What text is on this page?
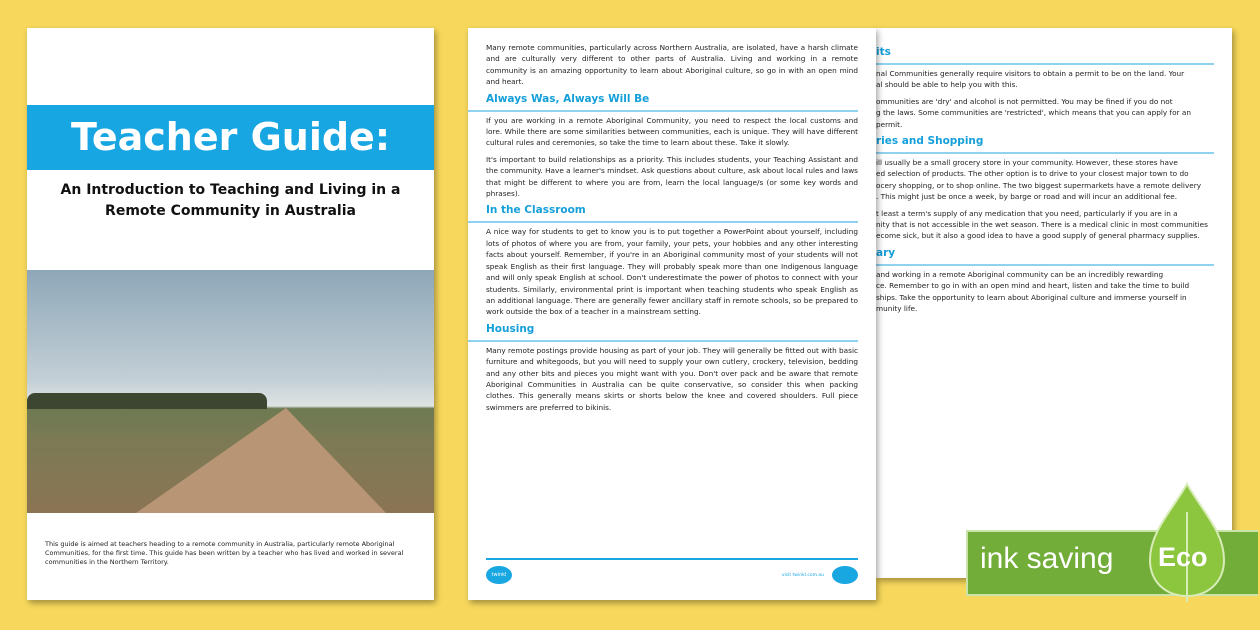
Teacher Guide:
An Introduction to Teaching and Living in a Remote Community in Australia
This guide is aimed at teachers heading to a remote community in Australia, particularly remote Aboriginal Communities, for the first time. This guide has been written by a teacher who has lived and worked in several communities in the Northern Territory.

Many remote communities, particularly across Northern Australia, are isolated, have a harsh climate and are culturally very different to other parts of Australia. Living and working in a remote community is an amazing opportunity to learn about Aboriginal culture, so go in with an open mind and heart.

Always Was, Always Will Be

If you are working in a remote Aboriginal Community, you need to respect the local customs and lore. While there are some similarities between communities, each is unique. They will have different cultural rules and ceremonies, so take the time to learn about these. Take it slowly.

It's important to build relationships as a priority. This includes students, your Teaching Assistant and the community. Have a learner's mindset. Ask questions about culture, ask about local rules and laws that might be different to where you are from, learn the local language/s (or some key words and phrases).

In the Classroom

A nice way for students to get to know you is to put together a PowerPoint about yourself, including lots of photos of where you are from, your family, your pets, your hobbies and any other interesting facts about yourself. Remember, if you're in an Aboriginal community most of your students will not speak English as their first language. They will probably speak more than one Indigenous language and will only speak English at school. Don't underestimate the power of photos to connect with your students. Similarly, environmental print is important when teaching students who speak English as an additional language. There are generally fewer ancillary staff in remote schools, so be prepared to work outside the box of a teacher in a mainstream setting.

Housing

Many remote postings provide housing as part of your job. They will generally be fitted out with basic furniture and whitegoods, but you will need to supply your own cutlery, crockery, television, bedding and any other bits and pieces you might want with you. Don't over pack and be aware that remote Aboriginal Communities in Australia can be quite conservative, so consider this when packing clothes. This generally means skirts or shorts below the knee and covered shoulders. Full piece swimmers are preferred to bikinis.

twinkl	visit twinkl.com.au
its

nal Communities generally require visitors to obtain a permit to be on the land. Your
al should be able to help you with this.

ommunities are 'dry' and alcohol is not permitted. You may be fined if you do not
g the laws. Some communities are 'restricted', which means that you can apply for an
permit.

ries and Shopping

ill usually be a small grocery store in your community. However, these stores have
ed selection of products. The other option is to drive to your closest major town to do
ocery shopping, or to shop online. The two biggest supermarkets have a remote delivery
. This might just be once a week, by barge or road and will incur an additional fee.

t least a term's supply of any medication that you need, particularly if you are in a
nity that is not accessible in the wet season. There is a medical clinic in most communities
ecome sick, but it also a good idea to have a good supply of general pharmacy supplies.

ary

and working in a remote Aboriginal community can be an incredibly rewarding
ce. Remember to go in with an open mind and heart, listen and take the time to build
ships. Take the opportunity to learn about Aboriginal culture and immerse yourself in
munity life.

ink saving Eco
